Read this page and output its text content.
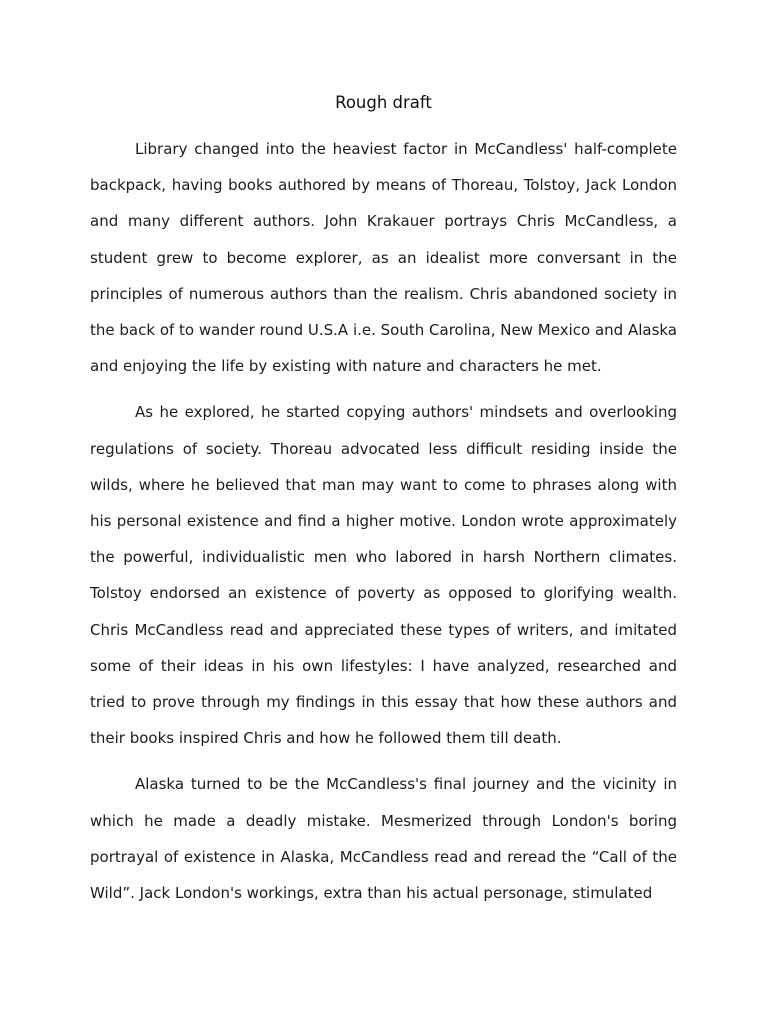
Rough draft

Library changed into the heaviest factor in McCandless' half-complete backpack, having books authored by means of Thoreau, Tolstoy, Jack London and many different authors. John Krakauer portrays Chris McCandless, a student grew to become explorer, as an idealist more conversant in the principles of numerous authors than the realism. Chris abandoned society in the back of to wander round U.S.A i.e. South Carolina, New Mexico and Alaska and enjoying the life by existing with nature and characters he met.

As he explored, he started copying authors' mindsets and overlooking regulations of society. Thoreau advocated less difficult residing inside the wilds, where he believed that man may want to come to phrases along with his personal existence and find a higher motive. London wrote approximately the powerful, individualistic men who labored in harsh Northern climates. Tolstoy endorsed an existence of poverty as opposed to glorifying wealth. Chris McCandless read and appreciated these types of writers, and imitated some of their ideas in his own lifestyles: I have analyzed, researched and tried to prove through my findings in this essay that how these authors and their books inspired Chris and how he followed them till death.

Alaska turned to be the McCandless's final journey and the vicinity in which he made a deadly mistake. Mesmerized through London's boring portrayal of existence in Alaska, McCandless read and reread the “Call of the Wild”. Jack London's workings, extra than his actual personage, stimulated
